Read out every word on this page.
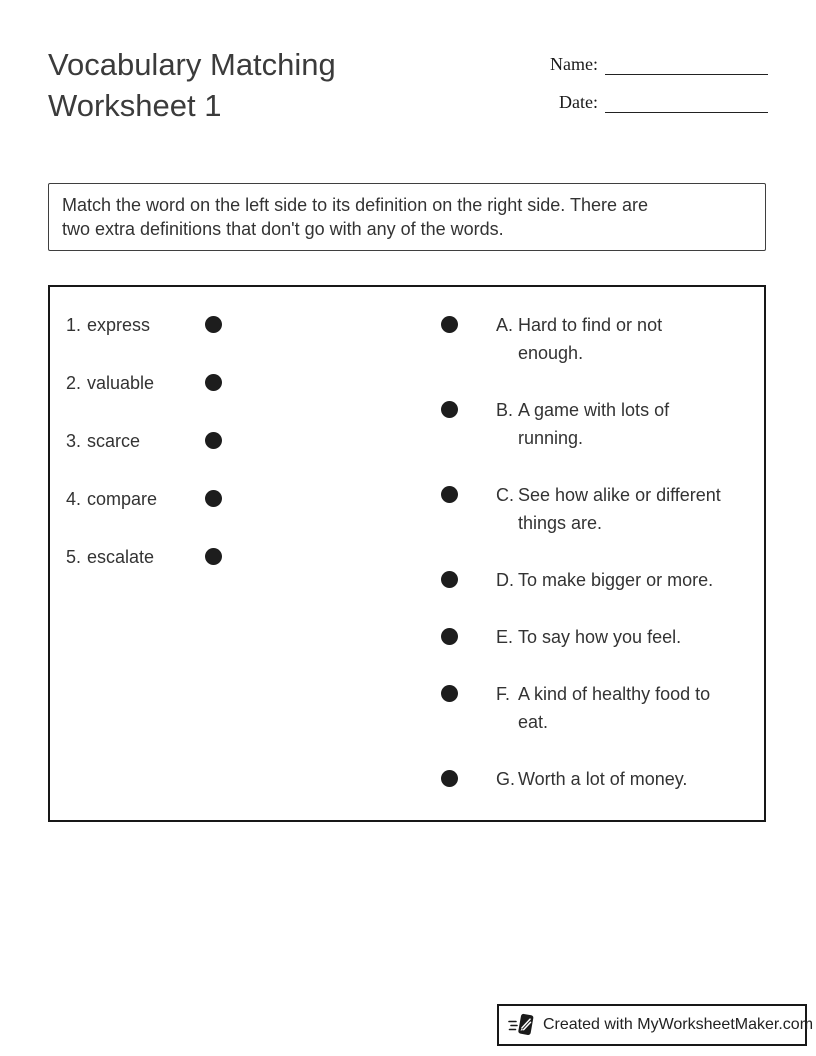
Vocabulary Matching Worksheet 1
Name:
Date:

Match the word on the left side to its definition on the right side. There are two extra definitions that don't go with any of the words.

1. express
2. valuable
3. scarce
4. compare
5. escalate
A. Hard to find or not enough.
B. A game with lots of running.
C. See how alike or different things are.
D. To make bigger or more.
E. To say how you feel.
F. A kind of healthy food to eat.
G. Worth a lot of money.
Created with MyWorksheetMaker.com
